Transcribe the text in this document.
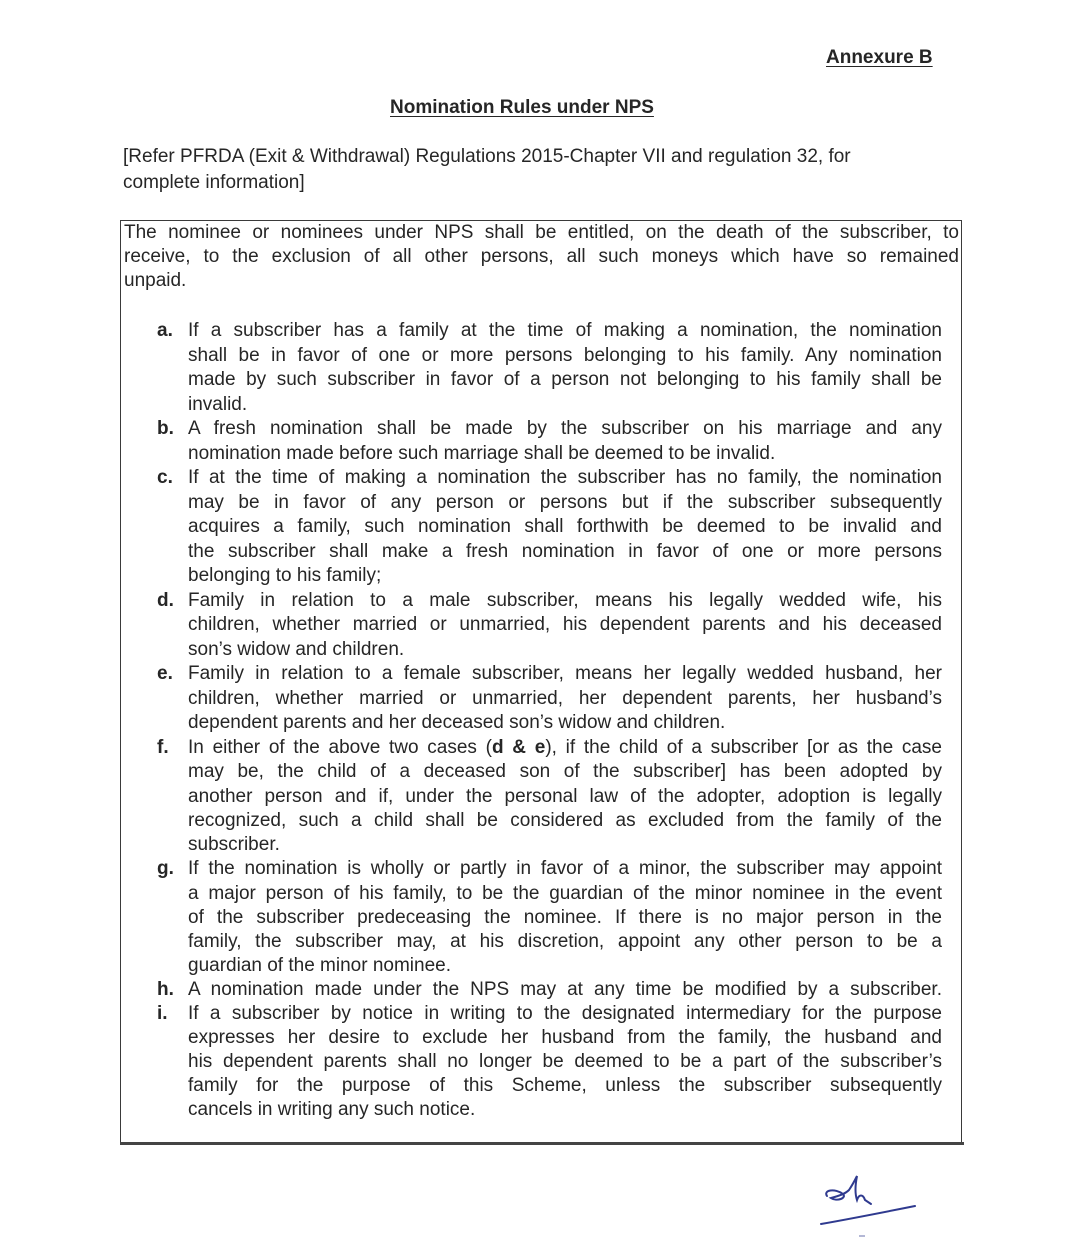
Annexure B
Nomination Rules under NPS
[Refer PFRDA (Exit & Withdrawal) Regulations 2015-Chapter VII and regulation 32, for
complete information]
The nominee or nominees under NPS shall be entitled, on the death of the subscriber, to
receive, to the exclusion of all other persons, all such moneys which have so remained
unpaid.
a. If a subscriber has a family at the time of making a nomination, the nomination
shall be in favor of one or more persons belonging to his family. Any nomination
made by such subscriber in favor of a person not belonging to his family shall be
invalid.
b. A fresh nomination shall be made by the subscriber on his marriage and any
nomination made before such marriage shall be deemed to be invalid.
c. If at the time of making a nomination the subscriber has no family, the nomination
may be in favor of any person or persons but if the subscriber subsequently
acquires a family, such nomination shall forthwith be deemed to be invalid and
the subscriber shall make a fresh nomination in favor of one or more persons
belonging to his family;
d. Family in relation to a male subscriber, means his legally wedded wife, his
children, whether married or unmarried, his dependent parents and his deceased
son’s widow and children.
e. Family in relation to a female subscriber, means her legally wedded husband, her
children, whether married or unmarried, her dependent parents, her husband’s
dependent parents and her deceased son’s widow and children.
f. In either of the above two cases (d & e), if the child of a subscriber [or as the case
may be, the child of a deceased son of the subscriber] has been adopted by
another person and if, under the personal law of the adopter, adoption is legally
recognized, such a child shall be considered as excluded from the family of the
subscriber.
g. If the nomination is wholly or partly in favor of a minor, the subscriber may appoint
a major person of his family, to be the guardian of the minor nominee in the event
of the subscriber predeceasing the nominee. If there is no major person in the
family, the subscriber may, at his discretion, appoint any other person to be a
guardian of the minor nominee.
h. A nomination made under the NPS may at any time be modified by a subscriber.
i. If a subscriber by notice in writing to the designated intermediary for the purpose
expresses her desire to exclude her husband from the family, the husband and
his dependent parents shall no longer be deemed to be a part of the subscriber’s
family for the purpose of this Scheme, unless the subscriber subsequently
cancels in writing any such notice.
